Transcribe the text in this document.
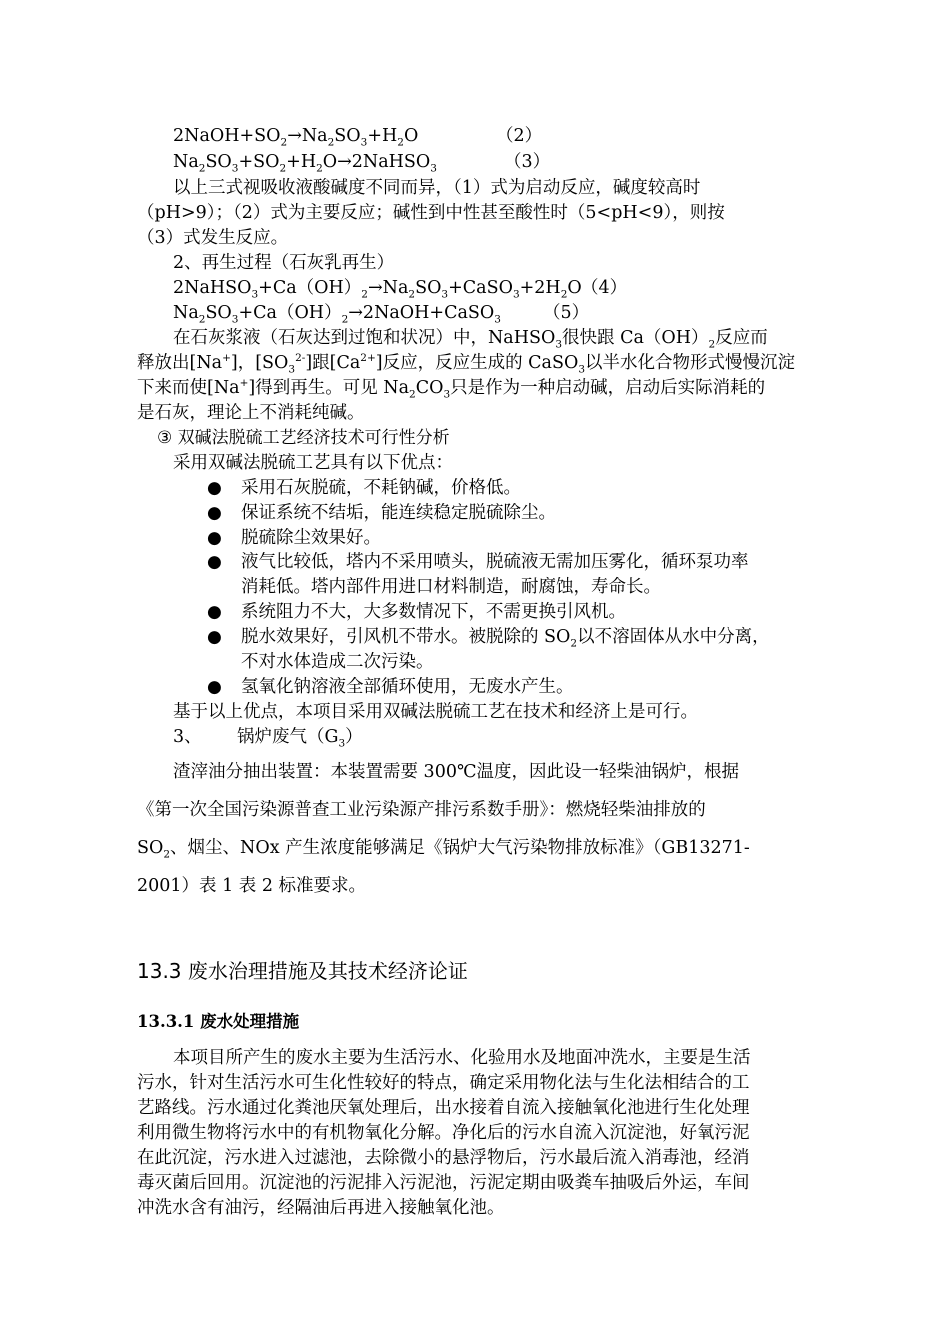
$2NaOH+SO_2\to Na_2SO_3+H_2O$	（2）
$Na_2SO_3+SO_2+H_2O\to 2NaHSO_3$	（3）
以上三式视吸收液酸碱度不同而异，（1）式为启动反应，碱度较高时
（pH>9）；（2）式为主要反应；碱性到中性甚至酸性时（5<pH<9），则按
（3）式发生反应。
2、再生过程（石灰乳再生）
$2NaHSO_3+Ca(OH)_2\to Na_2SO_3+CaSO_3+2H_2O$ （4）
$Na_2SO_3+Ca(OH)_2\to 2NaOH+CaSO_3$ （5）
在石灰浆液（石灰达到过饱和状况）中，NaHSO$_3$很快跟 $Ca(OH)_2$反应而
释放出[Na+]，$[SO_3^{2-}]$跟$[Ca^{2+}]$反应，反应生成的 CaSO$_3$以半水化合物形式慢慢沉淀
下来而使[Na+]得到再生。可见 $Na_2CO_3$只是作为一种启动碱，启动后实际消耗的
是石灰，理论上不消耗纯碱。
③ 双碱法脱硫工艺经济技术可行性分析
采用双碱法脱硫工艺具有以下优点：
● 采用石灰脱硫，不耗钠碱，价格低。
● 保证系统不结垢，能连续稳定脱硫除尘。
● 脱硫除尘效果好。
● 液气比较低，塔内不采用喷头，脱硫液无需加压雾化，循环泵功率
消耗低。塔内部件用进口材料制造，耐腐蚀，寿命长。
● 系统阻力不大，大多数情况下，不需更换引风机。
● 脱水效果好，引风机不带水。被脱除的 $SO_2$以不溶固体从水中分离，
不对水体造成二次污染。
● 氢氧化钠溶液全部循环使用，无废水产生。
基于以上优点，本项目采用双碱法脱硫工艺在技术和经济上是可行。
3、 锅炉废气$(G_3)$
渣滓油分抽出装置：本装置需要 300℃温度，因此设一轻柴油锅炉，根据
《第一次全国污染源普查工业污染源产排污系数手册》：燃烧轻柴油排放的
$SO_2$、烟尘、NOx 产生浓度能够满足《锅炉大气污染物排放标准》（GB13271-
2001）表 1 表 2 标准要求。
13.3 废水治理措施及其技术经济论证
13.3.1 废水处理措施
本项目所产生的废水主要为生活污水、化验用水及地面冲洗水，主要是生活
污水，针对生活污水可生化性较好的特点，确定采用物化法与生化法相结合的工
艺路线。污水通过化粪池厌氧处理后，出水接着自流入接触氧化池进行生化处理
利用微生物将污水中的有机物氧化分解。净化后的污水自流入沉淀池，好氧污泥
在此沉淀，污水进入过滤池，去除微小的悬浮物后，污水最后流入消毒池，经消
毒灭菌后回用。沉淀池的污泥排入污泥池，污泥定期由吸粪车抽吸后外运，车间
冲洗水含有油污，经隔油后再进入接触氧化池。
